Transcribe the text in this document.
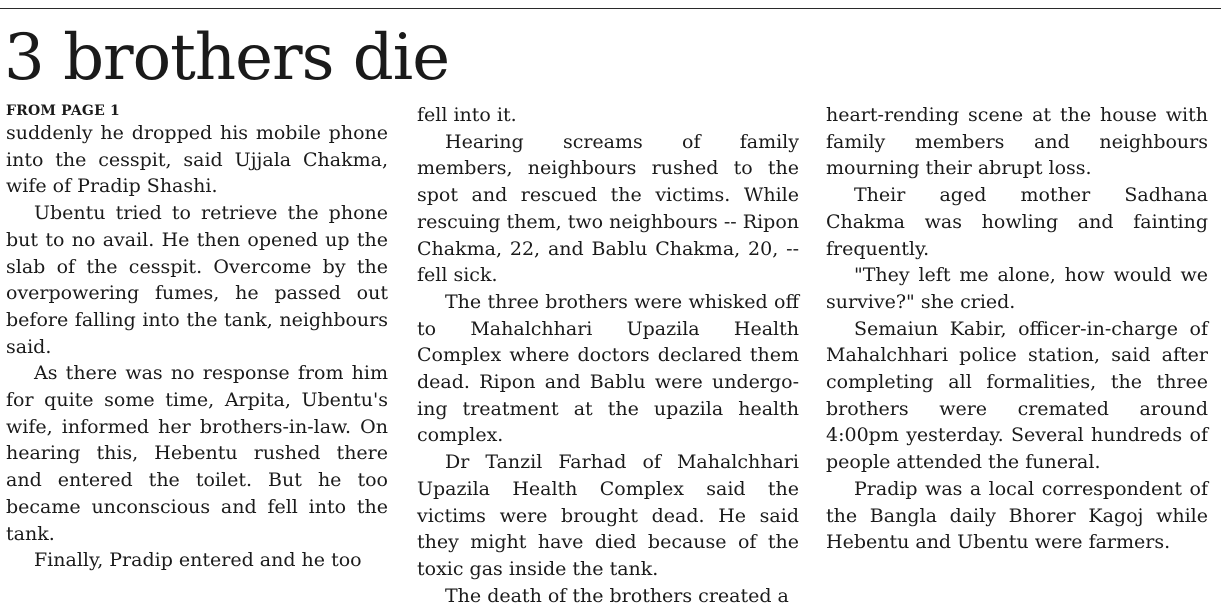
3 brothers die
FROM PAGE 1

suddenly he dropped his mobile phone into the cesspit, said Ujjala Chakma, wife of Pradip Shashi.

Ubentu tried to retrieve the phone but to no avail. He then opened up the slab of the cesspit. Overcome by the overpowering fumes, he passed out before falling into the tank, neighbours said.

As there was no response from him for quite some time, Arpita, Ubentu's wife, informed her brothers-in-law. On hearing this, Hebentu rushed there and entered the toilet. But he too became unconscious and fell into the tank.

Finally, Pradip entered and he too

fell into it.

Hearing screams of family members, neighbours rushed to the spot and rescued the victims. While rescuing them, two neighbours -- Ripon Chakma, 22, and Bablu Chakma, 20, -- fell sick.

The three brothers were whisked off to Mahalchhari Upazila Health Complex where doctors declared them dead. Ripon and Bablu were undergoing treatment at the upazila health complex.

Dr Tanzil Farhad of Mahalchhari Upazila Health Complex said the victims were brought dead. He said they might have died because of the toxic gas inside the tank.

The death of the brothers created a

heart-rending scene at the house with family members and neighbours mourning their abrupt loss.

Their aged mother Sadhana Chakma was howling and fainting frequently.

"They left me alone, how would we survive?" she cried.

Semaiun Kabir, officer-in-charge of Mahalchhari police station, said after completing all formalities, the three brothers were cremated around 4:00pm yesterday. Several hundreds of people attended the funeral.

Pradip was a local correspondent of the Bangla daily Bhorer Kagoj while Hebentu and Ubentu were farmers.
